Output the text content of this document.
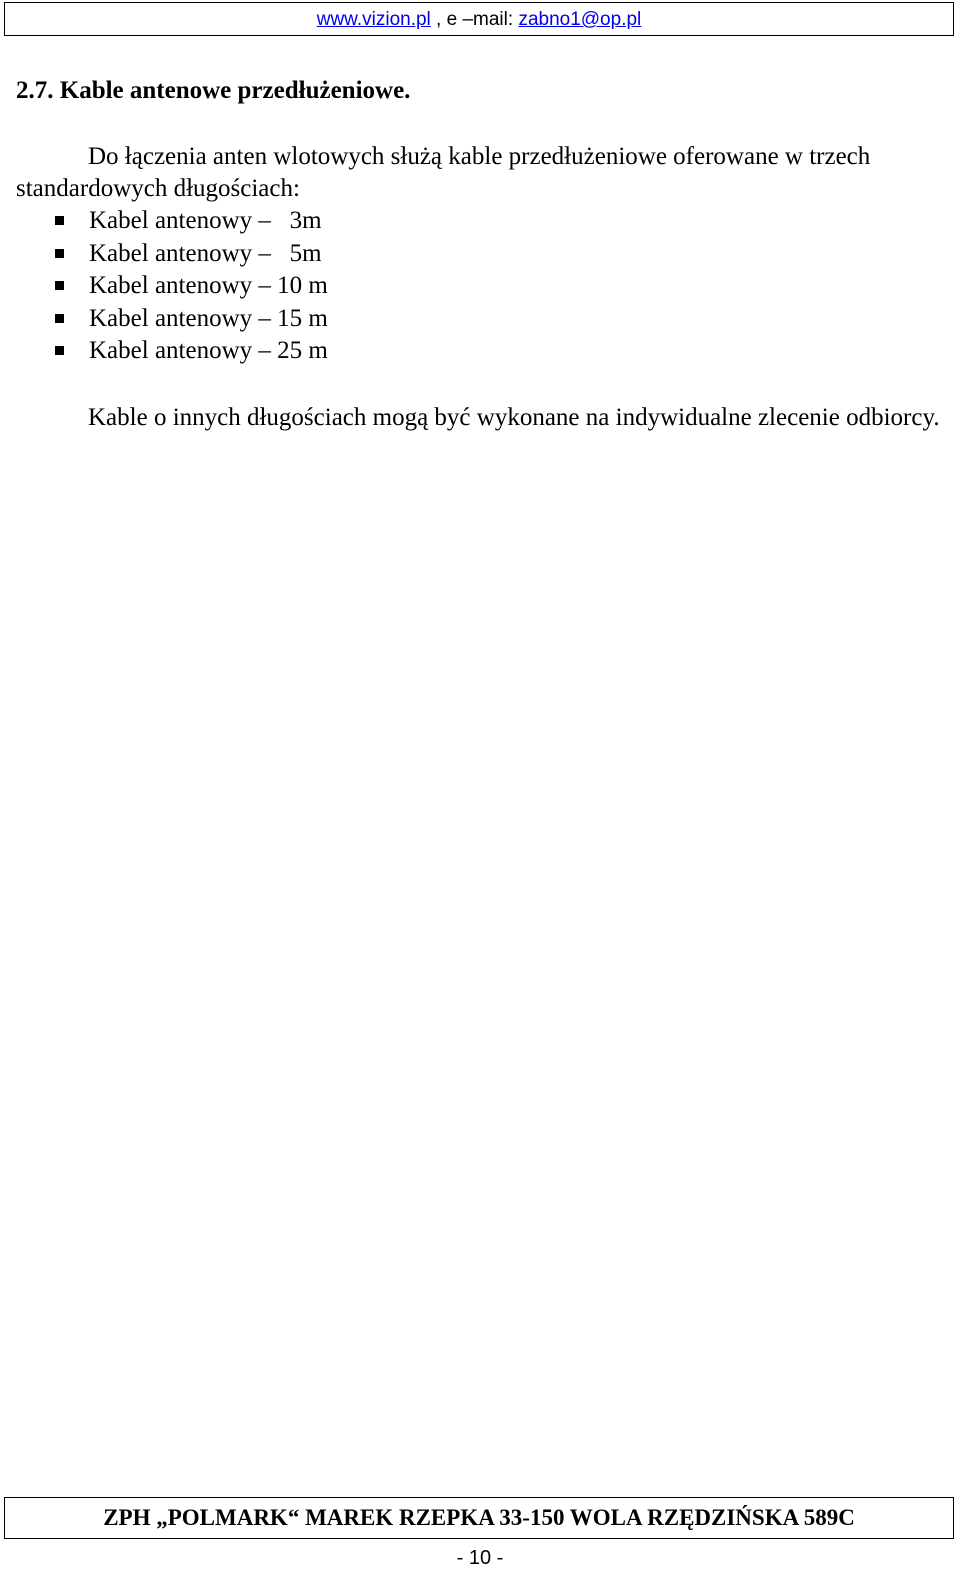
www.vizion.pl , e –mail: zabno1@op.pl
2.7. Kable antenowe przedłużeniowe.

Do łączenia anten wlotowych służą kable przedłużeniowe oferowane w trzech standardowych długościach:

Kabel antenowy –   3m
Kabel antenowy –   5m
Kabel antenowy – 10 m
Kabel antenowy – 15 m
Kabel antenowy – 25 m

Kable o innych długościach mogą być wykonane na indywidualne zlecenie odbiorcy.

ZPH „POLMARK“ MAREK RZEPKA 33-150 WOLA RZĘDZIŃSKA 589C
- 10 -
